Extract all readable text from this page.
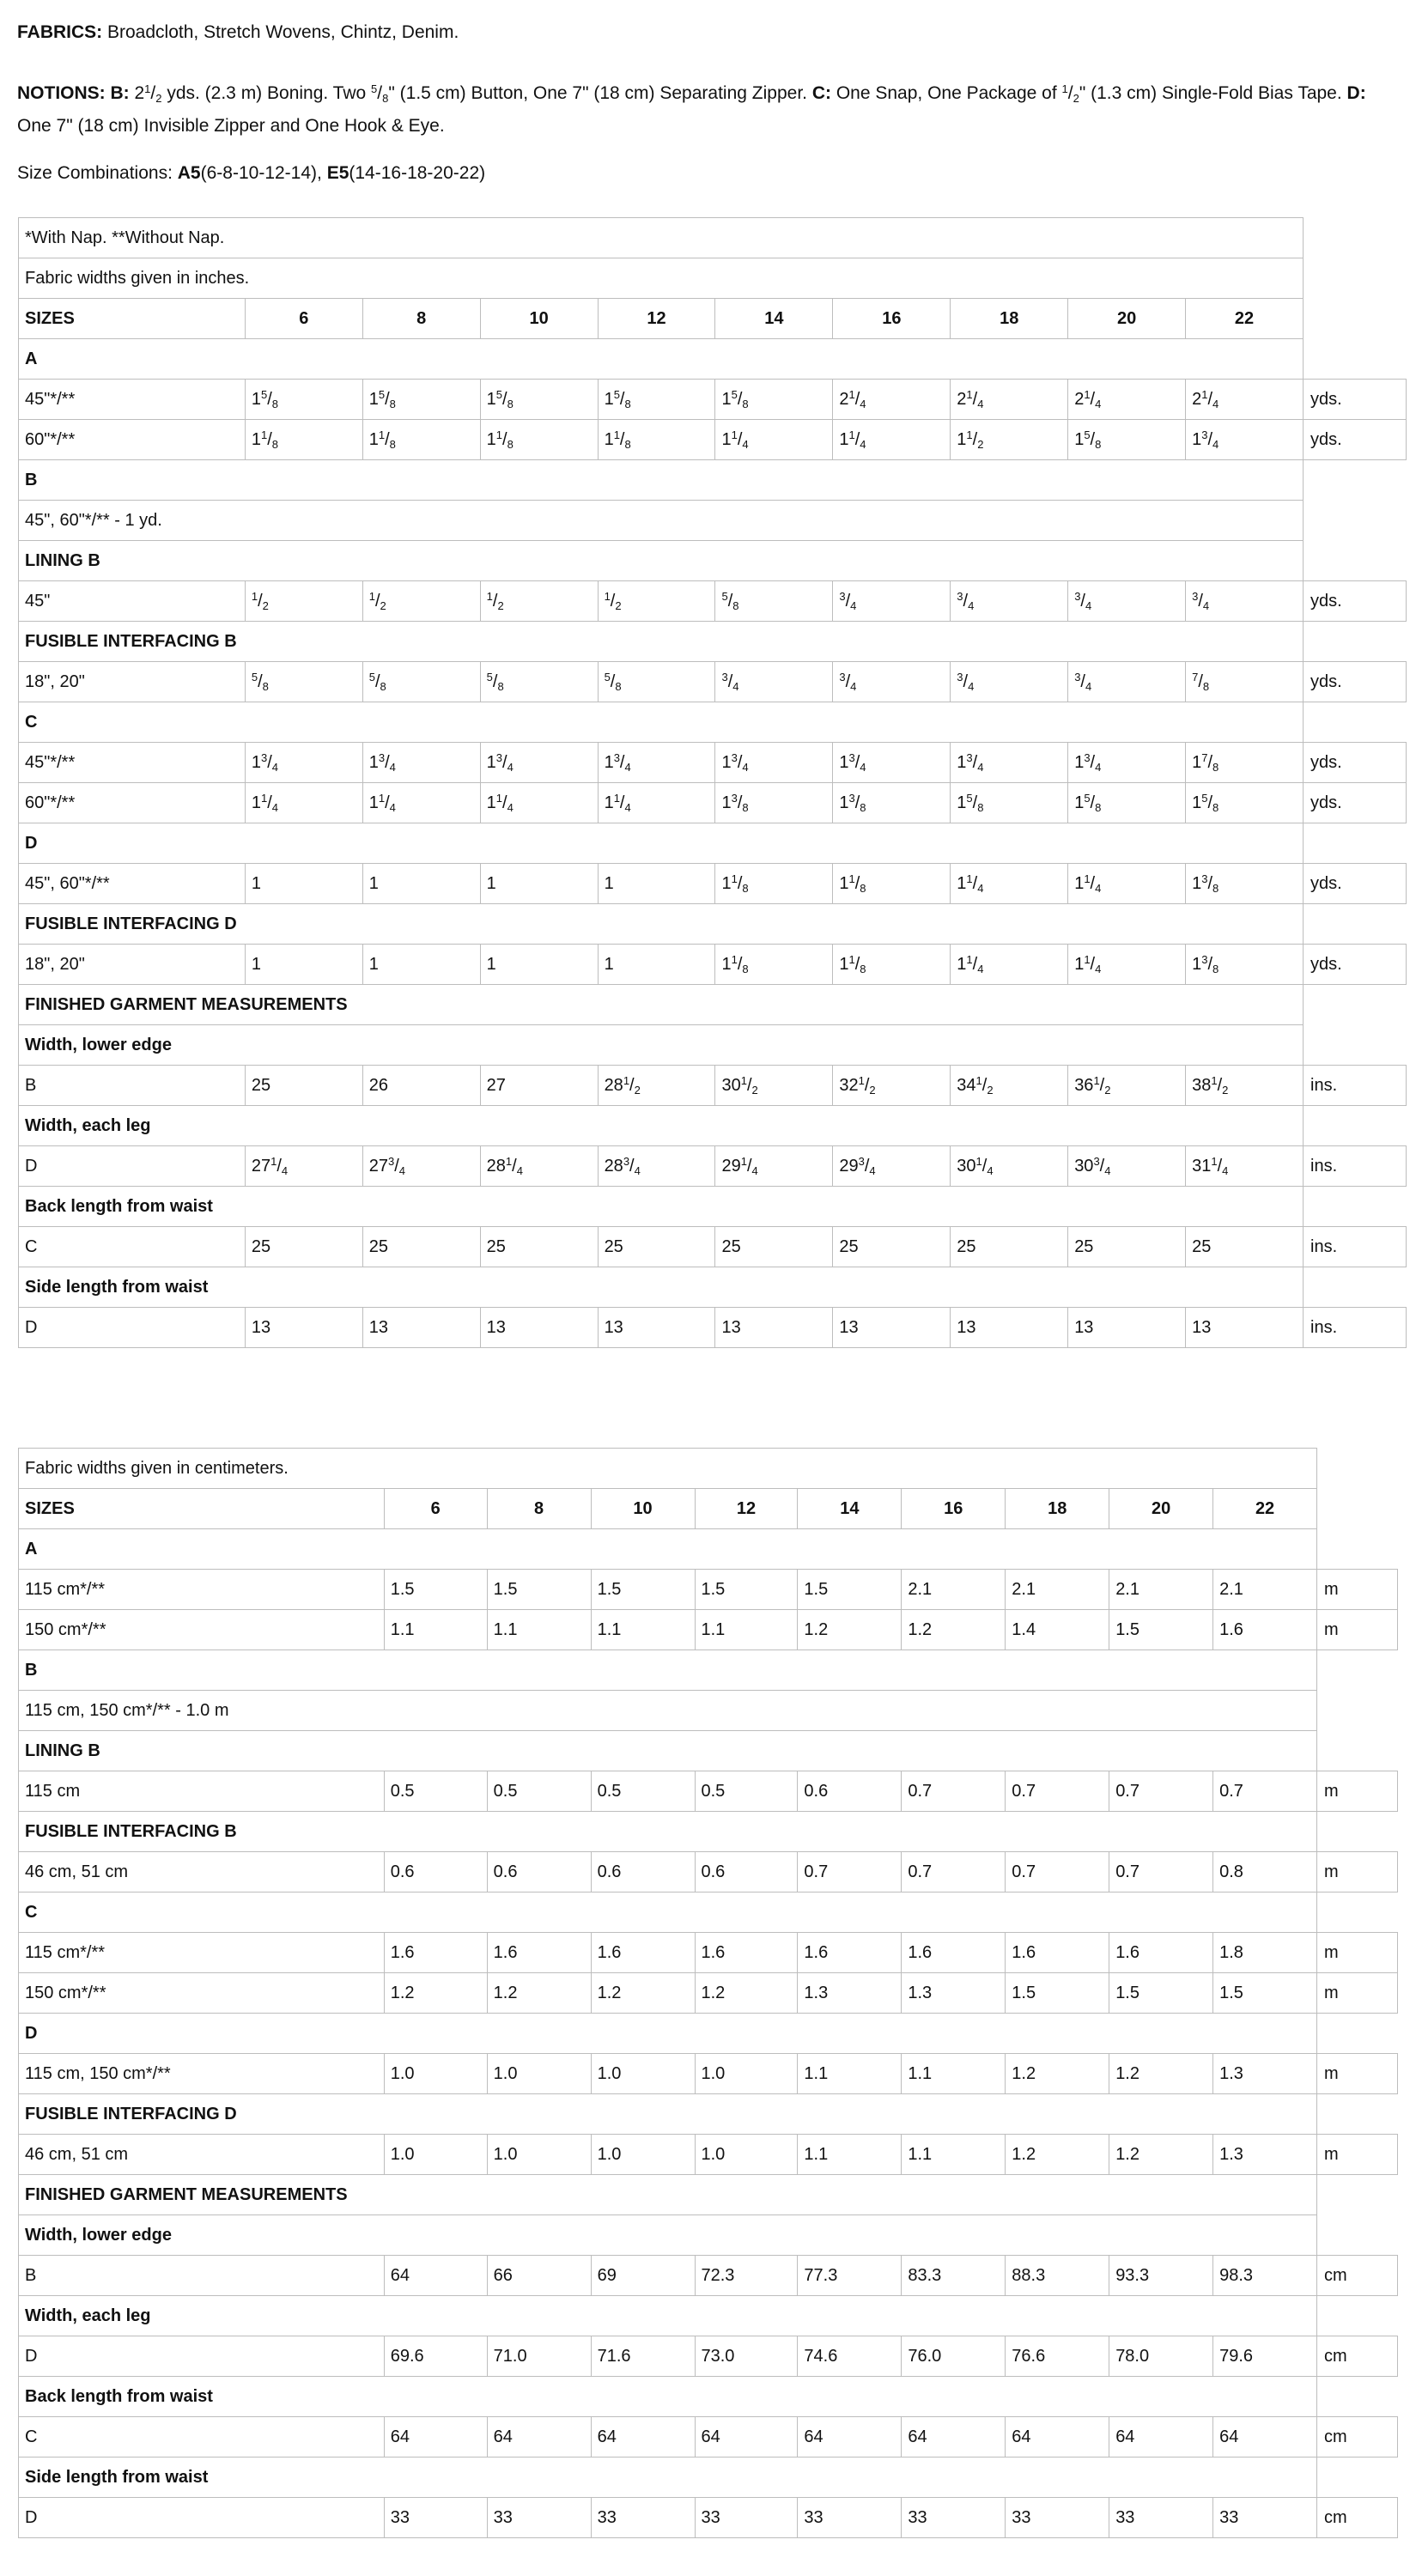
FABRICS: Broadcloth, Stretch Wovens, Chintz, Denim.
NOTIONS: B: $2^1/_2$ yds. (2.3 m) Boning. Two $^5/_8$" (1.5 cm) Button, One 7" (18 cm) Separating Zipper. C: One Snap, One Package of $^1/_2$" (1.3 cm) Single-Fold Bias Tape. D: One 7" (18 cm) Invisible Zipper and One Hook & Eye.
Size Combinations: A5(6-8-10-12-14), E5(14-16-18-20-22)
*With Nap. **Without Nap.										
Fabric widths given in inches.										
SIZES	6	8	10	12	14	16	18	20	22	
A										
45"*/**	$1^5/_8$	$1^5/_8$	$1^5/_8$	$1^5/_8$	$1^5/_8$	$2^1/_4$	$2^1/_4$	$2^1/_4$	$2^1/_4$	yds.
60"*/**	$1^1/_8$	$1^1/_8$	$1^1/_8$	$1^1/_8$	$1^1/_4$	$1^1/_4$	$1^1/_2$	$1^5/_8$	$1^3/_4$	yds.
B										
45", 60"*/** - 1 yd.										
LINING B										
45"	$^1/_2$	$^1/_2$	$^1/_2$	$^1/_2$	$^5/_8$	$^3/_4$	$^3/_4$	$^3/_4$	$^3/_4$	yds.
FUSIBLE INTERFACING B										
18", 20"	$^5/_8$	$^5/_8$	$^5/_8$	$^5/_8$	$^3/_4$	$^3/_4$	$^3/_4$	$^3/_4$	$^7/_8$	yds.
C										
45"*/**	$1^3/_4$	$1^3/_4$	$1^3/_4$	$1^3/_4$	$1^3/_4$	$1^3/_4$	$1^3/_4$	$1^3/_4$	$1^7/_8$	yds.
60"*/**	$1^1/_4$	$1^1/_4$	$1^1/_4$	$1^1/_4$	$1^3/_8$	$1^3/_8$	$1^5/_8$	$1^5/_8$	$1^5/_8$	yds.
D										
45", 60"*/**	1	1	1	1	$1^1/_8$	$1^1/_8$	$1^1/_4$	$1^1/_4$	$1^3/_8$	yds.
FUSIBLE INTERFACING D										
18", 20"	1	1	1	1	$1^1/_8$	$1^1/_8$	$1^1/_4$	$1^1/_4$	$1^3/_8$	yds.
FINISHED GARMENT MEASUREMENTS										
Width, lower edge										
B	25	26	27	$28^1/_2$	$30^1/_2$	$32^1/_2$	$34^1/_2$	$36^1/_2$	$38^1/_2$	ins.
Width, each leg										
D	$27^1/_4$	$27^3/_4$	$28^1/_4$	$28^3/_4$	$29^1/_4$	$29^3/_4$	$30^1/_4$	$30^3/_4$	$31^1/_4$	ins.
Back length from waist										
C	25	25	25	25	25	25	25	25	25	ins.
Side length from waist										
D	13	13	13	13	13	13	13	13	13	ins.
Fabric widths given in centimeters.										
SIZES	6	8	10	12	14	16	18	20	22	
A										
115 cm*/**	1.5	1.5	1.5	1.5	1.5	2.1	2.1	2.1	2.1	m
150 cm*/**	1.1	1.1	1.1	1.1	1.2	1.2	1.4	1.5	1.6	m
B										
115 cm, 150 cm*/** - 1.0 m										
LINING B										
115 cm	0.5	0.5	0.5	0.5	0.6	0.7	0.7	0.7	0.7	m
FUSIBLE INTERFACING B										
46 cm, 51 cm	0.6	0.6	0.6	0.6	0.7	0.7	0.7	0.7	0.8	m
C										
115 cm*/**	1.6	1.6	1.6	1.6	1.6	1.6	1.6	1.6	1.8	m
150 cm*/**	1.2	1.2	1.2	1.2	1.3	1.3	1.5	1.5	1.5	m
D										
115 cm, 150 cm*/**	1.0	1.0	1.0	1.0	1.1	1.1	1.2	1.2	1.3	m
FUSIBLE INTERFACING D										
46 cm, 51 cm	1.0	1.0	1.0	1.0	1.1	1.1	1.2	1.2	1.3	m
FINISHED GARMENT MEASUREMENTS										
Width, lower edge										
B	64	66	69	72.3	77.3	83.3	88.3	93.3	98.3	cm
Width, each leg										
D	69.6	71.0	71.6	73.0	74.6	76.0	76.6	78.0	79.6	cm
Back length from waist										
C	64	64	64	64	64	64	64	64	64	cm
Side length from waist										
D	33	33	33	33	33	33	33	33	33	cm
